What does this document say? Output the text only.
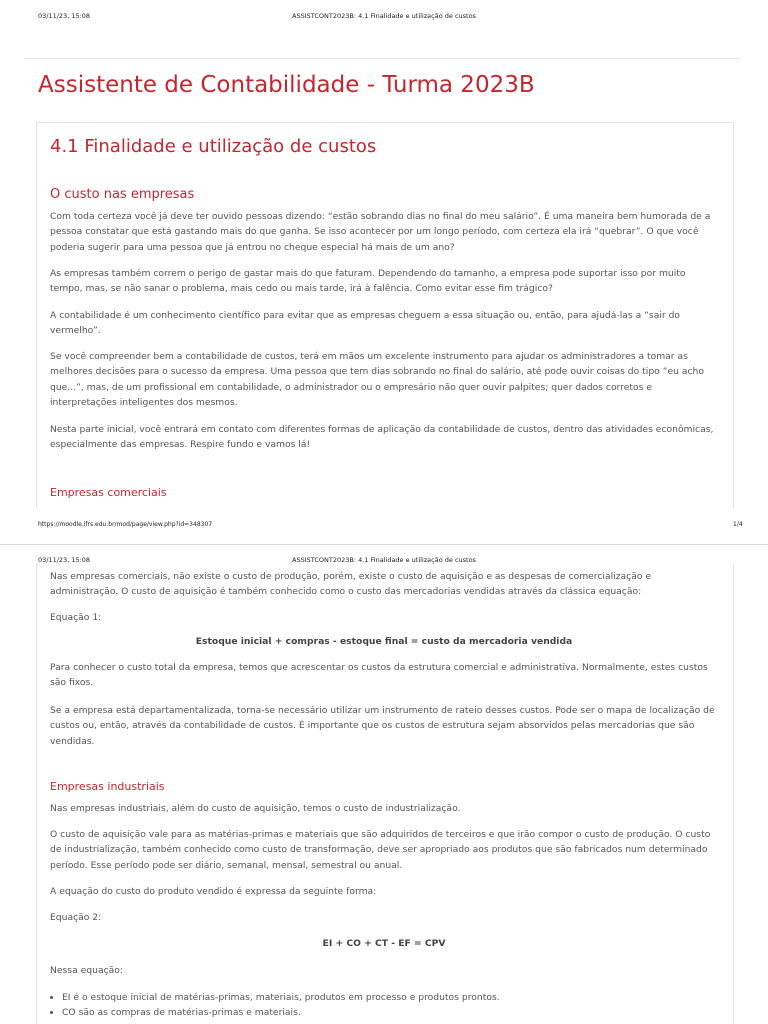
03/11/23, 15:08	ASSISTCONT2023B: 4.1 Finalidade e utilização de custos
Assistente de Contabilidade - Turma 2023B
4.1 Finalidade e utilização de custos
O custo nas empresas
Com toda certeza você já deve ter ouvido pessoas dizendo: “estão sobrando dias no final do meu salário”. É uma maneira bem humorada de a pessoa constatar que está gastando mais do que ganha. Se isso acontecer por um longo período, com certeza ela irá “quebrar”. O que você poderia sugerir para uma pessoa que já entrou no cheque especial há mais de um ano?
As empresas também correm o perigo de gastar mais do que faturam. Dependendo do tamanho, a empresa pode suportar isso por muito tempo, mas, se não sanar o problema, mais cedo ou mais tarde, irá à falência. Como evitar esse fim trágico?
A contabilidade é um conhecimento científico para evitar que as empresas cheguem a essa situação ou, então, para ajudá-las a “sair do vermelho”.
Se você compreender bem a contabilidade de custos, terá em mãos um excelente instrumento para ajudar os administradores a tomar as melhores decisões para o sucesso da empresa. Uma pessoa que tem dias sobrando no final do salário, até pode ouvir coisas do tipo “eu acho que...”, mas, de um profissional em contabilidade, o administrador ou o empresário não quer ouvir palpites; quer dados corretos e interpretações inteligentes dos mesmos.
Nesta parte inicial, você entrará em contato com diferentes formas de aplicação da contabilidade de custos, dentro das atividades econômicas, especialmente das empresas. Respire fundo e vamos lá!
Empresas comerciais
https://moodle.ifrs.edu.br/mod/page/view.php?id=348307	1/4
03/11/23, 15:08	ASSISTCONT2023B: 4.1 Finalidade e utilização de custos
Nas empresas comerciais, não existe o custo de produção, porém, existe o custo de aquisição e as despesas de comercialização e administração. O custo de aquisição é também conhecido como o custo das mercadorias vendidas através da clássica equação:
Equação 1:
Estoque inicial + compras - estoque final = custo da mercadoria vendida
Para conhecer o custo total da empresa, temos que acrescentar os custos da estrutura comercial e administrativa. Normalmente, estes custos são fixos.
Se a empresa está departamentalizada, torna-se necessário utilizar um instrumento de rateio desses custos. Pode ser o mapa de localização de custos ou, então, através da contabilidade de custos. É importante que os custos de estrutura sejam absorvidos pelas mercadorias que são vendidas.
Empresas industriais
Nas empresas industriais, além do custo de aquisição, temos o custo de industrialização.
O custo de aquisição vale para as matérias-primas e materiais que são adquiridos de terceiros e que irão compor o custo de produção. O custo de industrialização, também conhecido como custo de transformação, deve ser apropriado aos produtos que são fabricados num determinado período. Esse período pode ser diário, semanal, mensal, semestral ou anual.
A equação do custo do produto vendido é expressa da seguinte forma:
Equação 2:
EI + CO + CT - EF = CPV
Nessa equação:
• EI é o estoque inicial de matérias-primas, materiais, produtos em processo e produtos prontos.
• CO são as compras de matérias-primas e materiais.
